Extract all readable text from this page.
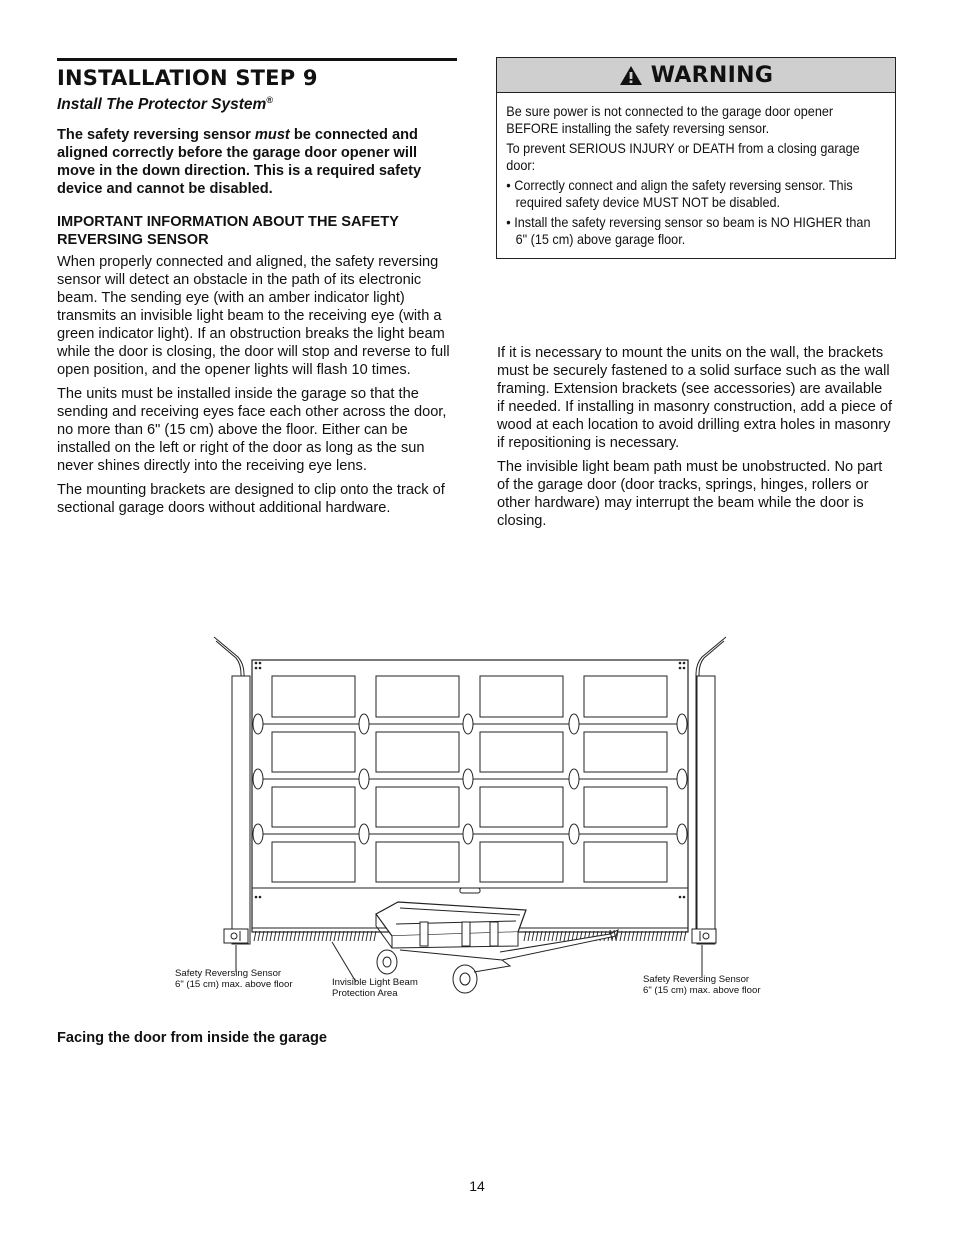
INSTALLATION STEP 9
Install The Protector System®

The safety reversing sensor must be connected and aligned correctly before the garage door opener will move in the down direction. This is a required safety device and cannot be disabled.

IMPORTANT INFORMATION ABOUT THE SAFETY REVERSING SENSOR

When properly connected and aligned, the safety reversing sensor will detect an obstacle in the path of its electronic beam. The sending eye (with an amber indicator light) transmits an invisible light beam to the receiving eye (with a green indicator light). If an obstruction breaks the light beam while the door is closing, the door will stop and reverse to full open position, and the opener lights will flash 10 times.

The units must be installed inside the garage so that the sending and receiving eyes face each other across the door, no more than 6" (15 cm) above the floor. Either can be installed on the left or right of the door as long as the sun never shines directly into the receiving eye lens.

The mounting brackets are designed to clip onto the track of sectional garage doors without additional hardware.

WARNING
Be sure power is not connected to the garage door opener BEFORE installing the safety reversing sensor.
To prevent SERIOUS INJURY or DEATH from a closing garage door:
• Correctly connect and align the safety reversing sensor. This required safety device MUST NOT be disabled.
• Install the safety reversing sensor so beam is NO HIGHER than 6" (15 cm) above garage floor.

If it is necessary to mount the units on the wall, the brackets must be securely fastened to a solid surface such as the wall framing. Extension brackets (see accessories) are available if needed. If installing in masonry construction, add a piece of wood at each location to avoid drilling extra holes in masonry if repositioning is necessary.

The invisible light beam path must be unobstructed. No part of the garage door (door tracks, springs, hinges, rollers or other hardware) may interrupt the beam while the door is closing.

Safety Reversing Sensor
6" (15 cm) max. above floor	Invisible Light Beam
Protection Area
Safety Reversing Sensor
6" (15 cm) max. above floor
Facing the door from inside the garage
14
